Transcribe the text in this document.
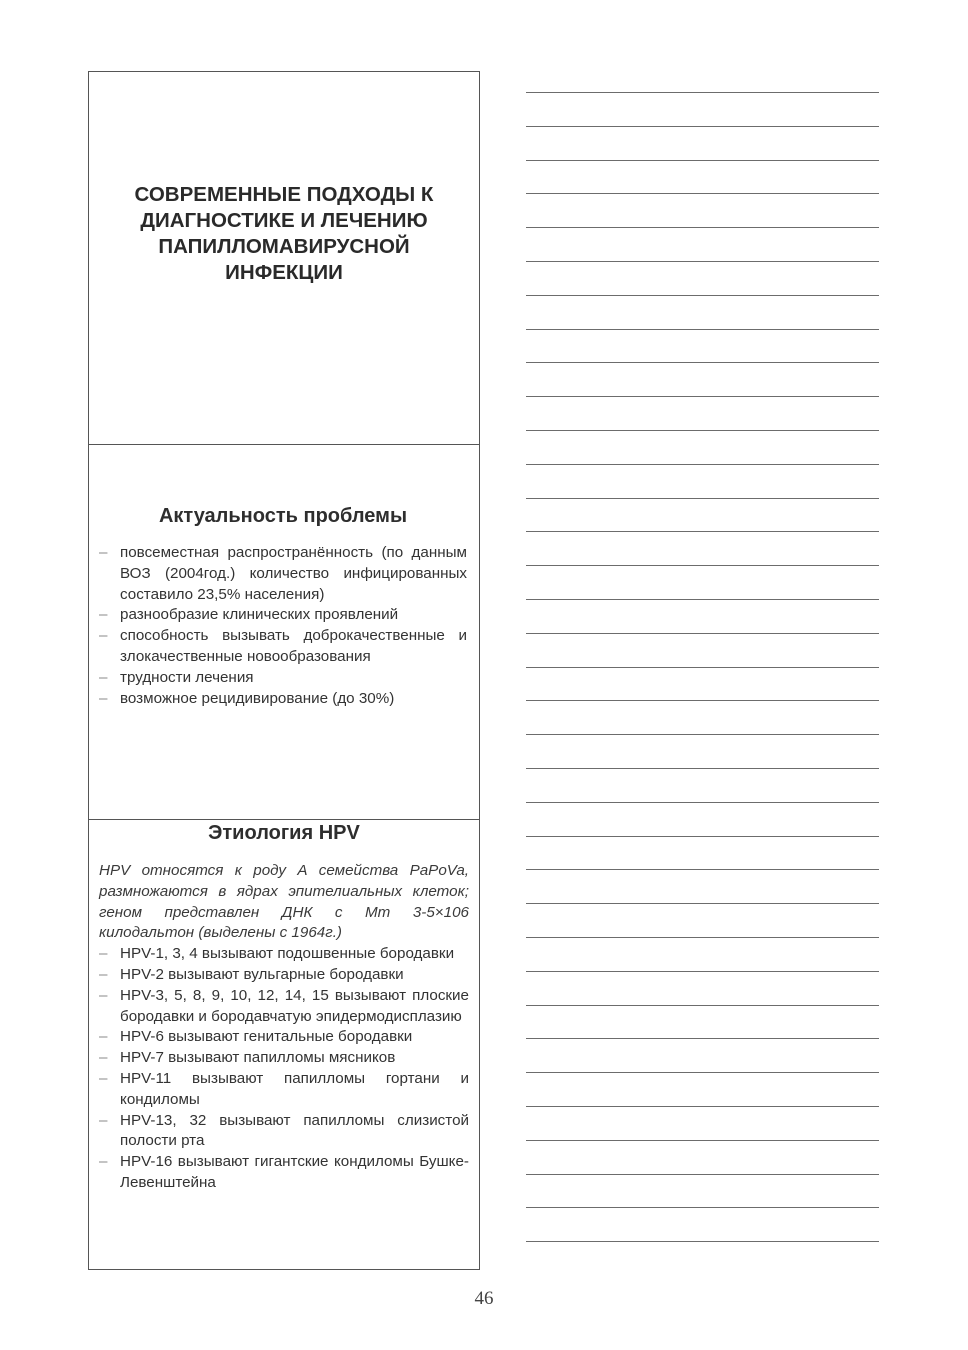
СОВРЕМЕННЫЕ ПОДХОДЫ К ДИАГНОСТИКЕ И ЛЕЧЕНИЮ ПАПИЛЛОМАВИРУСНОЙ ИНФЕКЦИИ
Актуальность проблемы
– повсеместная распространённость (по данным ВОЗ (2004год.) количество инфицированных составило 23,5% населения)
– разнообразие клинических проявлений
– способность вызывать доброкачественные и злокачественные новообразования
– трудности лечения
– возможное рецидивирование (до 30%)
Этиология HPV

HPV относятся к роду А семейства PaPoVa, размножаются в ядрах эпителиальных клеток; геном представлен ДНК с Mm 3-5×106 килодальтон (выделены с 1964г.)

– HPV-1, 3, 4 вызывают подошвенные бородавки
– HPV-2 вызывают вульгарные бородавки
– HPV-3, 5, 8, 9, 10, 12, 14, 15 вызывают плоские бородавки и бородавчатую эпидермодисплазию
– HPV-6 вызывают генитальные бородавки
– HPV-7 вызывают папилломы мясников
– HPV-11 вызывают папилломы гортани и кондиломы
– HPV-13, 32 вызывают папилломы слизистой полости рта
– HPV-16 вызывают гигантские кондиломы Бушке-Левенштейна
46
